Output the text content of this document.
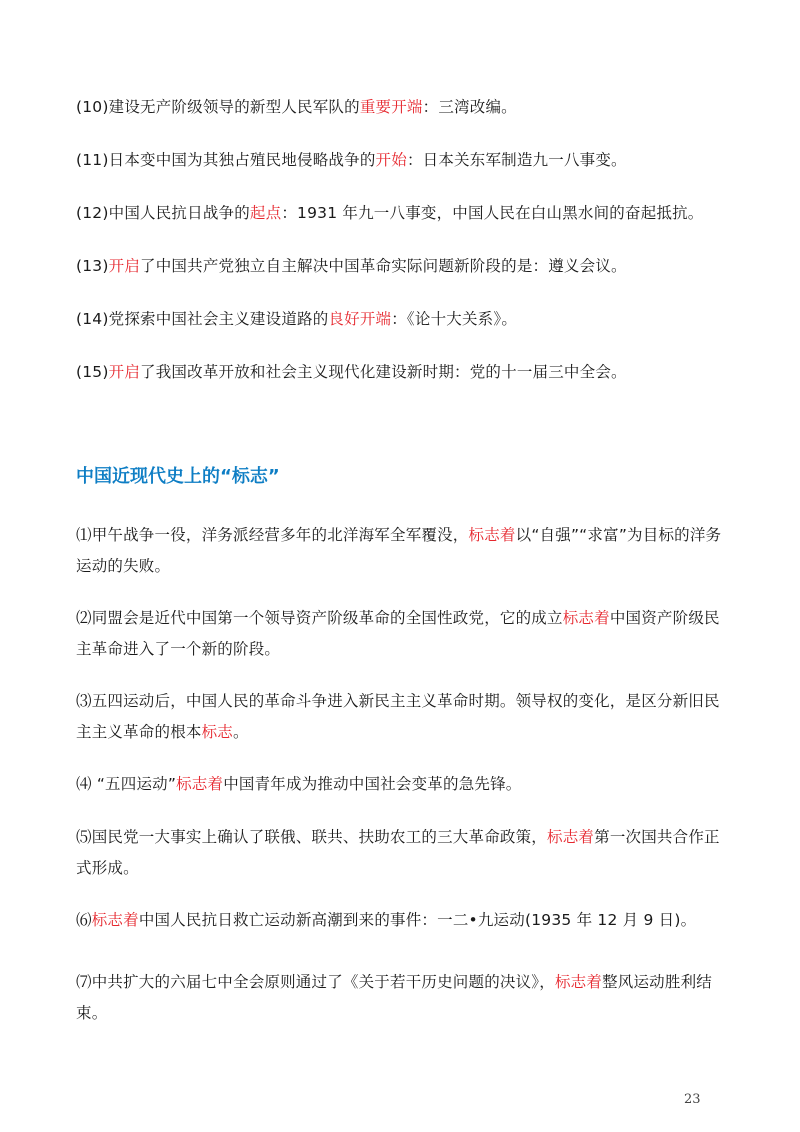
(10)建设无产阶级领导的新型人民军队的重要开端：三湾改编。

(11)日本变中国为其独占殖民地侵略战争的开始：日本关东军制造九一八事变。

(12)中国人民抗日战争的起点：1931 年九一八事变，中国人民在白山黑水间的奋起抵抗。

(13)开启了中国共产党独立自主解决中国革命实际问题新阶段的是：遵义会议。

(14)党探索中国社会主义建设道路的良好开端：《论十大关系》。

(15)开启了我国改革开放和社会主义现代化建设新时期：党的十一届三中全会。

中国近现代史上的“标志”

⑴甲午战争一役，洋务派经营多年的北洋海军全军覆没，标志着以“自强”“求富”为目标的洋务运动的失败。

⑵同盟会是近代中国第一个领导资产阶级革命的全国性政党，它的成立标志着中国资产阶级民主革命进入了一个新的阶段。

⑶五四运动后，中国人民的革命斗争进入新民主主义革命时期。领导权的变化，是区分新旧民主主义革命的根本标志。

⑷ “五四运动”标志着中国青年成为推动中国社会变革的急先锋。

⑸国民党一大事实上确认了联俄、联共、扶助农工的三大革命政策，标志着第一次国共合作正式形成。

⑹标志着中国人民抗日救亡运动新高潮到来的事件：一二•九运动(1935 年 12 月 9 日)。

⑺中共扩大的六届七中全会原则通过了《关于若干历史问题的决议》，标志着整风运动胜利结束。

23
